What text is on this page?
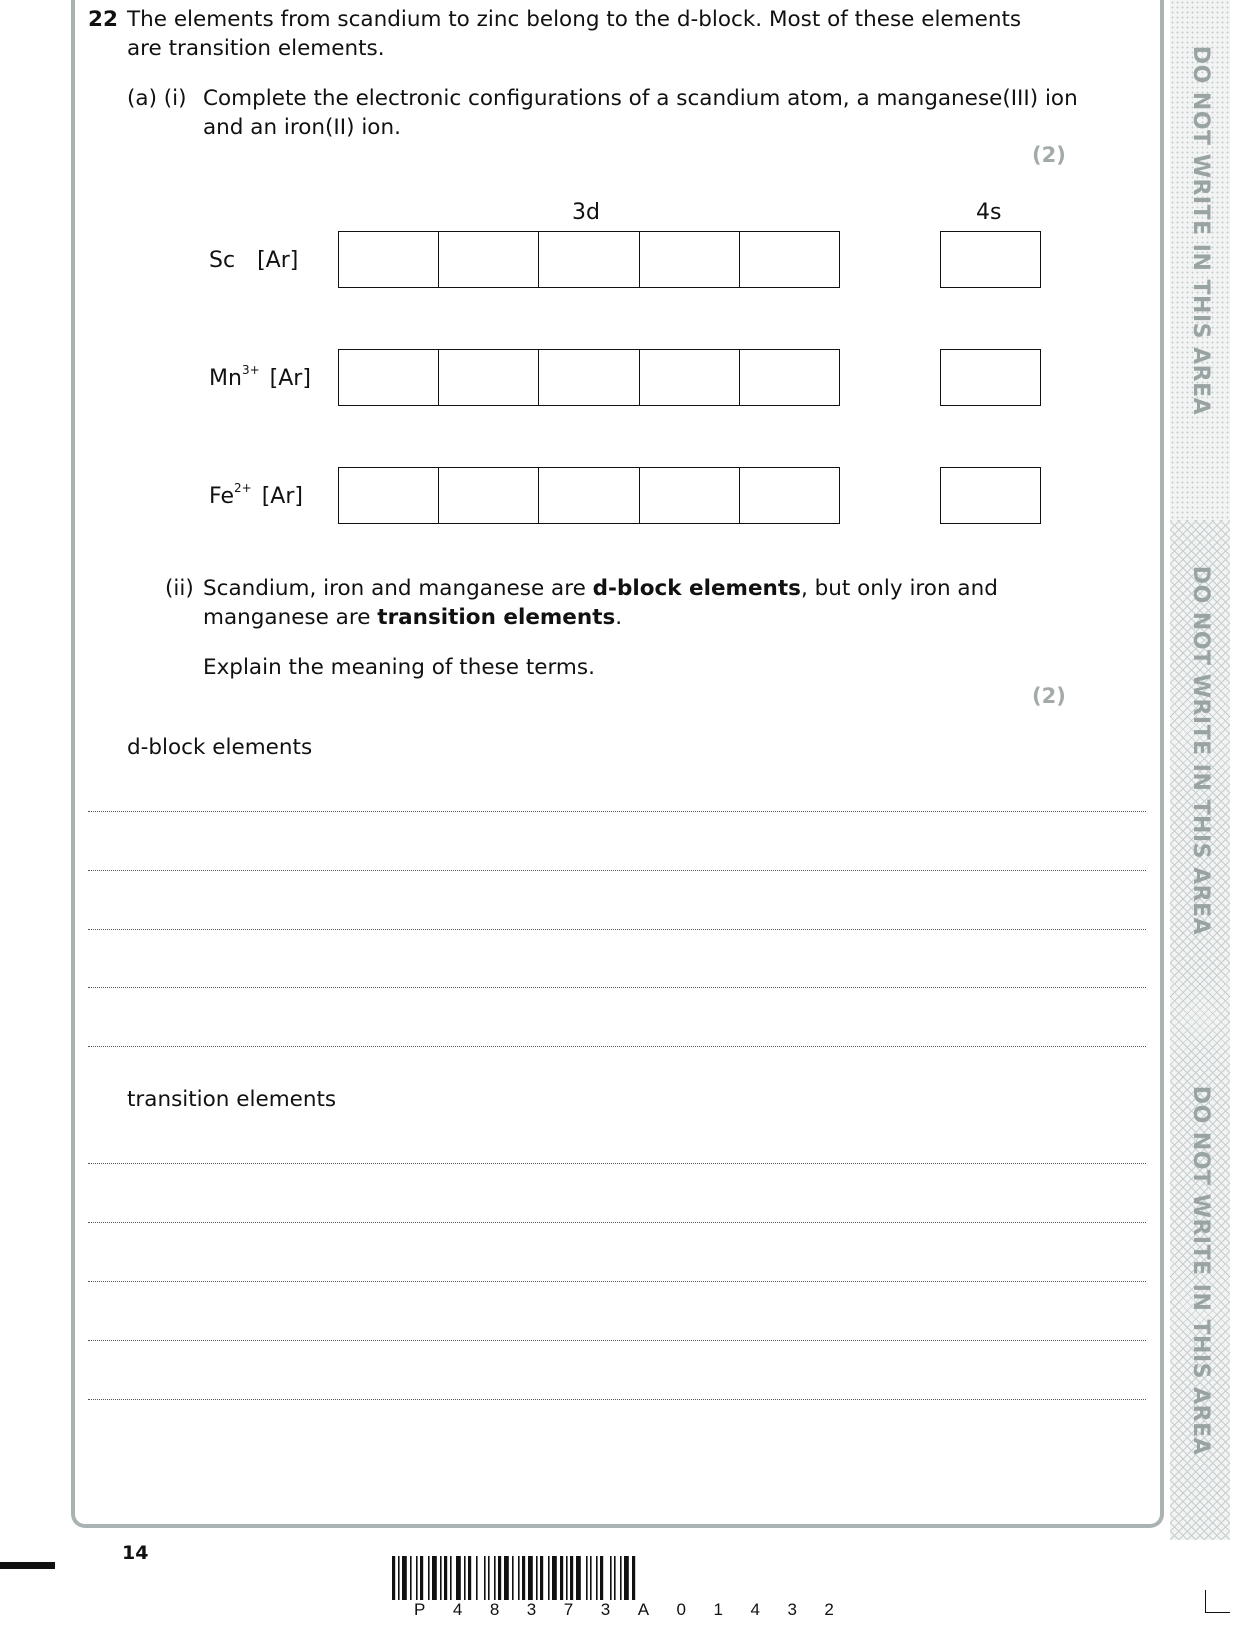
22 The elements from scandium to zinc belong to the d-block. Most of these elements
are transition elements.
(a) (i) Complete the electronic configurations of a scandium atom, a manganese(III) ion
and an iron(II) ion.
(2)
3d	4s
Sc [Ar]
$Mn^{3+}$ [Ar]
$Fe^{2+}$ [Ar]
(ii) Scandium, iron and manganese are d-block elements, but only iron and
manganese are transition elements.
Explain the meaning of these terms.
(2)
d-block elements
transition elements
DO NOT WRITE IN THIS AREA
DO NOT WRITE IN THIS AREA
DO NOT WRITE IN THIS AREA
14
P 4 8 3 7 3 A 0 1 4 3 2
